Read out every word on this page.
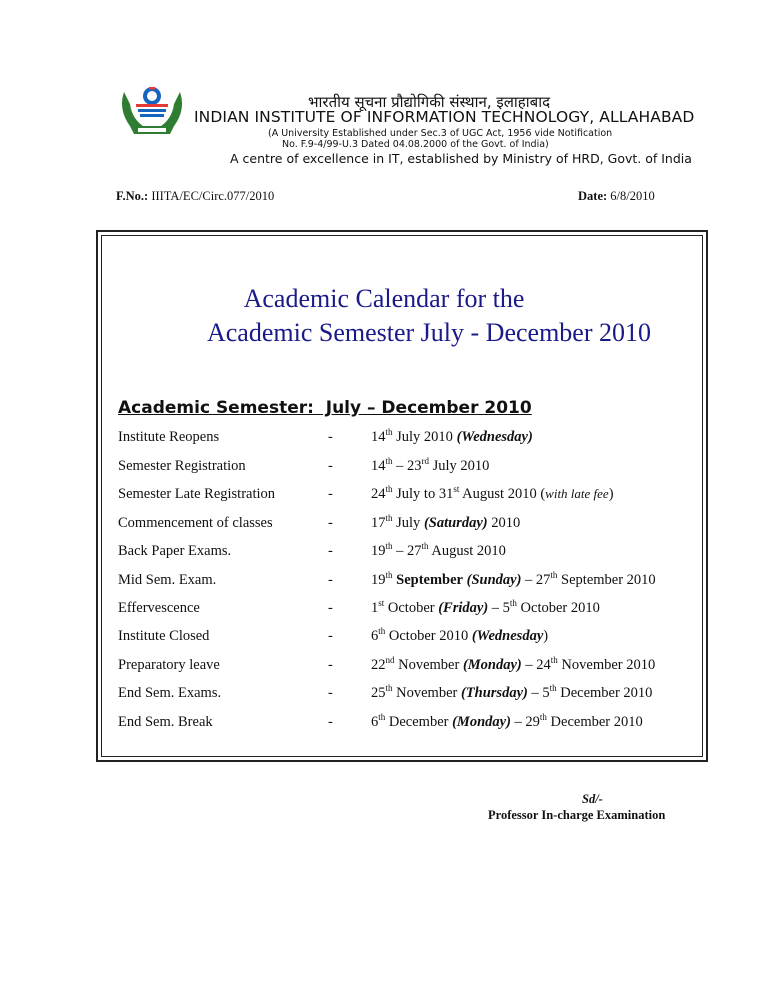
भारतीय सूचना प्रौद्योगिकी संस्थान, इलाहाबाद
INDIAN INSTITUTE OF INFORMATION TECHNOLOGY, ALLAHABAD
(A University Established under Sec.3 of UGC Act, 1956 vide Notification
No. F.9-4/99-U.3 Dated 04.08.2000 of the Govt. of India)
A centre of excellence in IT, established by Ministry of HRD, Govt. of India
F.No.: IIITA/EC/Circ.077/2010	Date: 6/8/2010
Academic Calendar for the
Academic Semester July - December 2010
Academic Semester:  July – December 2010
Institute Reopens	-	14th July 2010 (Wednesday)
Semester Registration	-	14th – 23rd July 2010
Semester Late Registration	-	24th July to 31st August 2010 (with late fee)
Commencement of classes	-	17th July (Saturday) 2010
Back Paper Exams.	-	19th – 27th August 2010
Mid Sem. Exam.	-	19th September (Sunday) – 27th September 2010
Effervescence	-	1st October (Friday) – 5th October 2010
Institute Closed	-	6th October 2010 (Wednesday)
Preparatory leave	-	22nd November (Monday) – 24th November 2010
End Sem. Exams.	-	25th November (Thursday) – 5th December 2010
End Sem. Break	-	6th December (Monday) – 29th December 2010
Sd/-
Professor In-charge Examination
